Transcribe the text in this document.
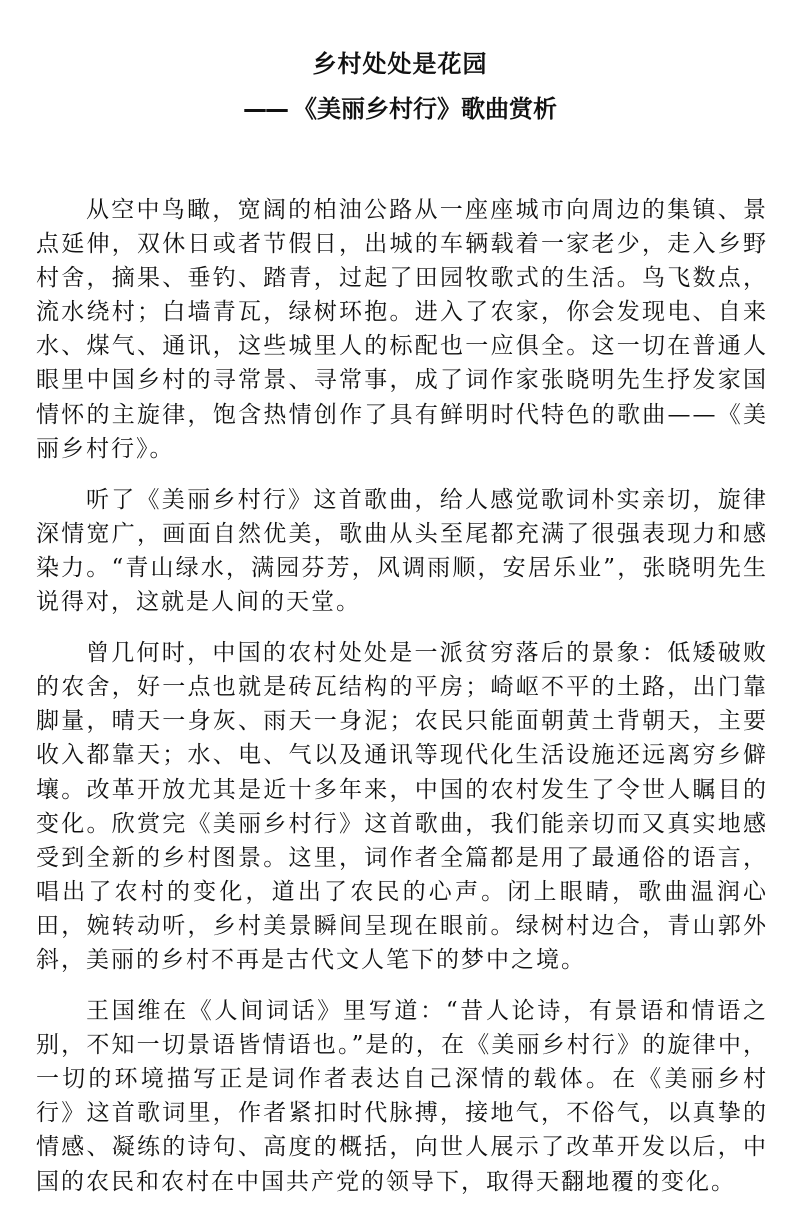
乡村处处是花园
—— 《美丽乡村行》歌曲赏析

从空中鸟瞰，宽阔的柏油公路从一座座城市向周边的集镇、景点延伸，双休日或者节假日，出城的车辆载着一家老少，走入乡野村舍，摘果、垂钓、踏青，过起了田园牧歌式的生活。鸟飞数点，流水绕村；白墙青瓦，绿树环抱。进入了农家，你会发现电、自来水、煤气、通讯，这些城里人的标配也一应俱全。这一切在普通人眼里中国乡村的寻常景、寻常事，成了词作家张晓明先生抒发家国情怀的主旋律，饱含热情创作了具有鲜明时代特色的歌曲——《美丽乡村行》。

听了《美丽乡村行》这首歌曲，给人感觉歌词朴实亲切，旋律深情宽广，画面自然优美，歌曲从头至尾都充满了很强表现力和感染力。“青山绿水，满园芬芳，风调雨顺，安居乐业”，张晓明先生说得对，这就是人间的天堂。

曾几何时，中国的农村处处是一派贫穷落后的景象：低矮破败的农舍，好一点也就是砖瓦结构的平房；崎岖不平的土路，出门靠脚量，晴天一身灰、雨天一身泥；农民只能面朝黄土背朝天，主要收入都靠天；水、电、气以及通讯等现代化生活设施还远离穷乡僻壤。改革开放尤其是近十多年来，中国的农村发生了令世人瞩目的变化。欣赏完《美丽乡村行》这首歌曲，我们能亲切而又真实地感受到全新的乡村图景。这里，词作者全篇都是用了最通俗的语言，唱出了农村的变化，道出了农民的心声。闭上眼睛，歌曲温润心田，婉转动听，乡村美景瞬间呈现在眼前。绿树村边合，青山郭外斜，美丽的乡村不再是古代文人笔下的梦中之境。

王国维在《人间词话》里写道：“昔人论诗，有景语和情语之别，不知一切景语皆情语也。”是的，在《美丽乡村行》的旋律中，一切的环境描写正是词作者表达自己深情的载体。在《美丽乡村行》这首歌词里，作者紧扣时代脉搏，接地气，不俗气，以真挚的情感、凝练的诗句、高度的概括，向世人展示了改革开发以后，中国的农民和农村在中国共产党的领导下，取得天翻地覆的变化。
